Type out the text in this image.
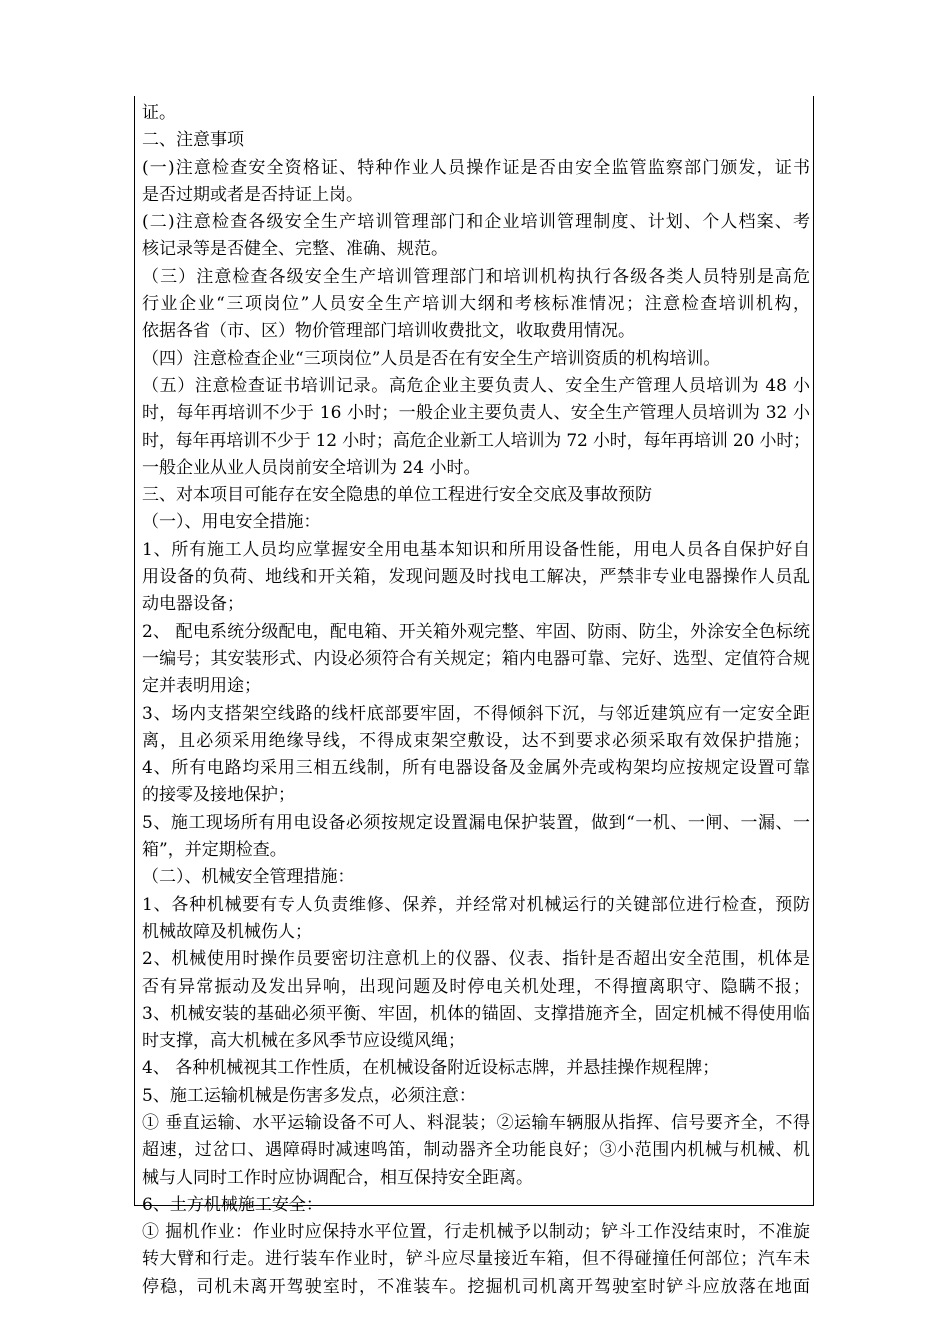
证。
二、注意事项
(一)注意检查安全资格证、特种作业人员操作证是否由安全监管监察部门颁发，证书
是否过期或者是否持证上岗。
(二)注意检查各级安全生产培训管理部门和企业培训管理制度、计划、个人档案、考
核记录等是否健全、完整、准确、规范。
（三）注意检查各级安全生产培训管理部门和培训机构执行各级各类人员特别是高危
行业企业“三项岗位”人员安全生产培训大纲和考核标准情况；注意检查培训机构，
依据各省（市、区）物价管理部门培训收费批文，收取费用情况。
（四）注意检查企业“三项岗位”人员是否在有安全生产培训资质的机构培训。
（五）注意检查证书培训记录。高危企业主要负责人、安全生产管理人员培训为 48 小
时，每年再培训不少于 16 小时；一般企业主要负责人、安全生产管理人员培训为 32 小
时，每年再培训不少于 12 小时；高危企业新工人培训为 72 小时，每年再培训 20 小时；
一般企业从业人员岗前安全培训为 24 小时。
三、对本项目可能存在安全隐患的单位工程进行安全交底及事故预防
（一）、用电安全措施：
1、所有施工人员均应掌握安全用电基本知识和所用设备性能，用电人员各自保护好自
用设备的负荷、地线和开关箱，发现问题及时找电工解决，严禁非专业电器操作人员乱
动电器设备；
2、 配电系统分级配电，配电箱、开关箱外观完整、牢固、防雨、防尘，外涂安全色标统
一编号；其安装形式、内设必须符合有关规定；箱内电器可靠、完好、选型、定值符合规
定并表明用途；
3、场内支搭架空线路的线杆底部要牢固，不得倾斜下沉，与邻近建筑应有一定安全距
离，且必须采用绝缘导线，不得成束架空敷设，达不到要求必须采取有效保护措施；
4、所有电路均采用三相五线制，所有电器设备及金属外壳或构架均应按规定设置可靠
的接零及接地保护；
5、施工现场所有用电设备必须按规定设置漏电保护装置，做到“一机、一闸、一漏、一
箱”，并定期检查。
（二）、机械安全管理措施：
1、各种机械要有专人负责维修、保养，并经常对机械运行的关键部位进行检查，预防
机械故障及机械伤人；
2、机械使用时操作员要密切注意机上的仪器、仪表、指针是否超出安全范围，机体是
否有异常振动及发出异响，出现问题及时停电关机处理，不得擅离职守、隐瞒不报；
3、机械安装的基础必须平衡、牢固，机体的锚固、支撑措施齐全，固定机械不得使用临
时支撑，高大机械在多风季节应设缆风绳；
4、 各种机械视其工作性质，在机械设备附近设标志牌，并悬挂操作规程牌；
5、施工运输机械是伤害多发点，必须注意：
① 垂直运输、水平运输设备不可人、料混装；②运输车辆服从指挥、信号要齐全，不得
超速，过岔口、遇障碍时减速鸣笛，制动器齐全功能良好；③小范围内机械与机械、机
械与人同时工作时应协调配合，相互保持安全距离。
6、土方机械施工安全：
① 掘机作业：作业时应保持水平位置，行走机械予以制动；铲斗工作没结束时，不准旋
转大臂和行走。进行装车作业时，铲斗应尽量接近车箱，但不得碰撞任何部位；汽车未
停稳，司机未离开驾驶室时，不准装车。挖掘机司机离开驾驶室时铲斗应放落在地面
